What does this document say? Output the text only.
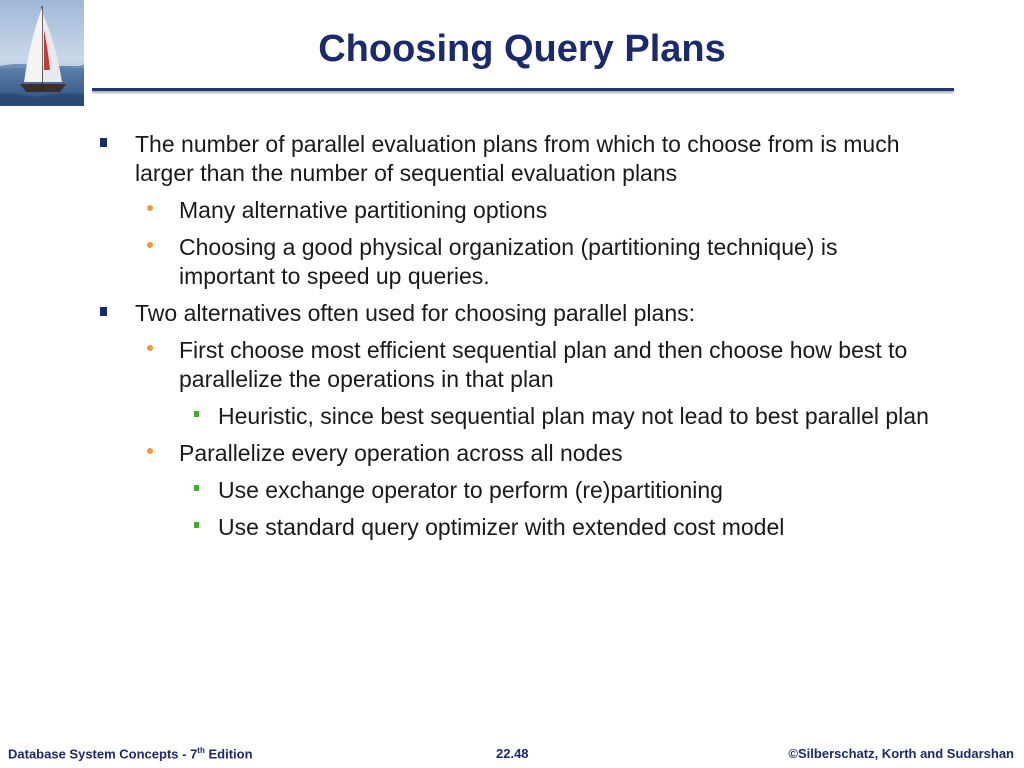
Choosing Query Plans
The number of parallel evaluation plans from which to choose from is much larger than the number of sequential evaluation plans
Many alternative partitioning options
Choosing a good physical organization (partitioning technique) is important to speed up queries.
Two alternatives often used for choosing parallel plans:
First choose most efficient sequential plan and then choose how best to parallelize the operations in that plan
Heuristic, since best sequential plan may not lead to best parallel plan
Parallelize every operation across all nodes
Use exchange operator to perform (re)partitioning
Use standard query optimizer with extended cost model
Database System Concepts - 7th Edition	22.48	©Silberschatz, Korth and Sudarshan
